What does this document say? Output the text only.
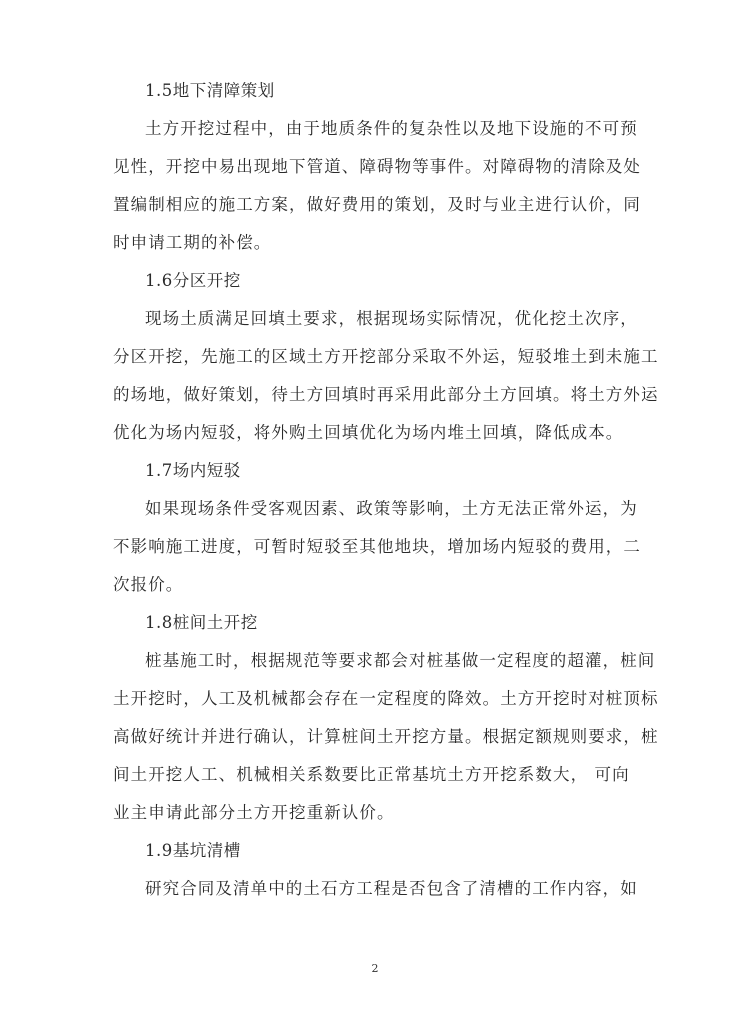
1.5地下清障策划

土方开挖过程中，由于地质条件的复杂性以及地下设施的不可预
见性，开挖中易出现地下管道、障碍物等事件。对障碍物的清除及处
置编制相应的施工方案，做好费用的策划，及时与业主进行认价，同
时申请工期的补偿。

1.6分区开挖

现场土质满足回填土要求，根据现场实际情况，优化挖土次序，
分区开挖，先施工的区域土方开挖部分采取不外运，短驳堆土到未施工
的场地，做好策划，待土方回填时再采用此部分土方回填。将土方外运
优化为场内短驳，将外购土回填优化为场内堆土回填，降低成本。

1.7场内短驳

如果现场条件受客观因素、政策等影响，土方无法正常外运，为
不影响施工进度，可暂时短驳至其他地块，增加场内短驳的费用，二
次报价。

1.8桩间土开挖

桩基施工时，根据规范等要求都会对桩基做一定程度的超灌，桩间
土开挖时，人工及机械都会存在一定程度的降效。土方开挖时对桩顶标
高做好统计并进行确认，计算桩间土开挖方量。根据定额规则要求，桩
间土开挖人工、机械相关系数要比正常基坑土方开挖系数大， 可向
业主申请此部分土方开挖重新认价。

1.9基坑清槽

研究合同及清单中的土石方工程是否包含了清槽的工作内容，如

2
